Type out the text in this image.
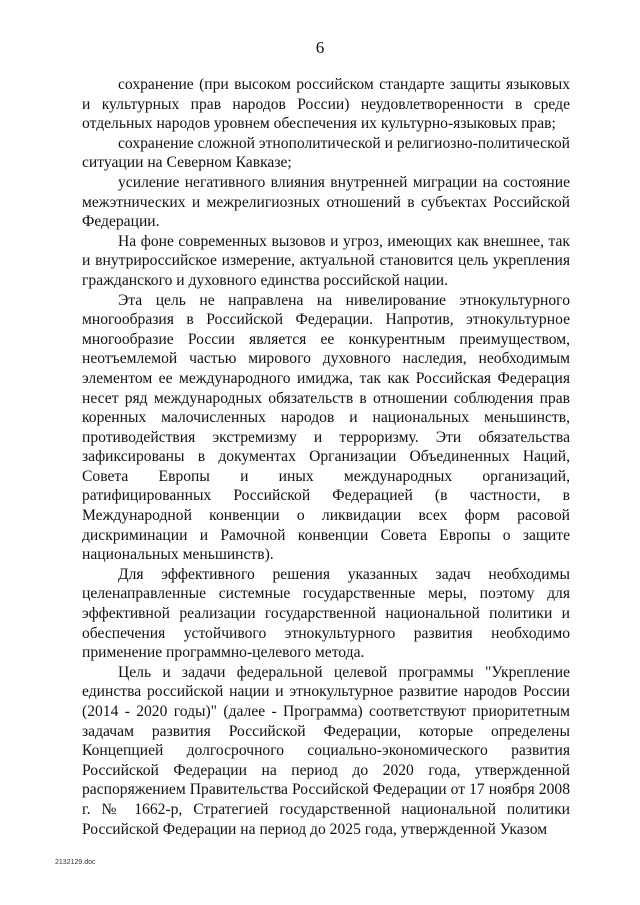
6

сохранение (при высоком российском стандарте защиты языковых и культурных прав народов России) неудовлетворенности в среде отдельных народов уровнем обеспечения их культурно-языковых прав;

сохранение сложной этнополитической и религиозно-политической ситуации на Северном Кавказе;

усиление негативного влияния внутренней миграции на состояние межэтнических и межрелигиозных отношений в субъектах Российской Федерации.

На фоне современных вызовов и угроз, имеющих как внешнее, так и внутрироссийское измерение, актуальной становится цель укрепления гражданского и духовного единства российской нации.

Эта цель не направлена на нивелирование этнокультурного многообразия в Российской Федерации. Напротив, этнокультурное многообразие России является ее конкурентным преимуществом, неотъемлемой частью мирового духовного наследия, необходимым элементом ее международного имиджа, так как Российская Федерация несет ряд международных обязательств в отношении соблюдения прав коренных малочисленных народов и национальных меньшинств, противодействия экстремизму и терроризму. Эти обязательства зафиксированы в документах Организации Объединенных Наций, Совета Европы и иных международных организаций, ратифицированных Российской Федерацией (в частности, в Международной конвенции о ликвидации всех форм расовой дискриминации и Рамочной конвенции Совета Европы о защите национальных меньшинств).

Для эффективного решения указанных задач необходимы целенаправленные системные государственные меры, поэтому для эффективной реализации государственной национальной политики и обеспечения устойчивого этнокультурного развития необходимо применение программно-целевого метода.

Цель и задачи федеральной целевой программы "Укрепление единства российской нации и этнокультурное развитие народов России (2014 - 2020 годы)" (далее - Программа) соответствуют приоритетным задачам развития Российской Федерации, которые определены Концепцией долгосрочного социально-экономического развития Российской Федерации на период до 2020 года, утвержденной распоряжением Правительства Российской Федерации от 17 ноября 2008 г. № 1662-р, Стратегией государственной национальной политики Российской Федерации на период до 2025 года, утвержденной Указом

2132129.doc
